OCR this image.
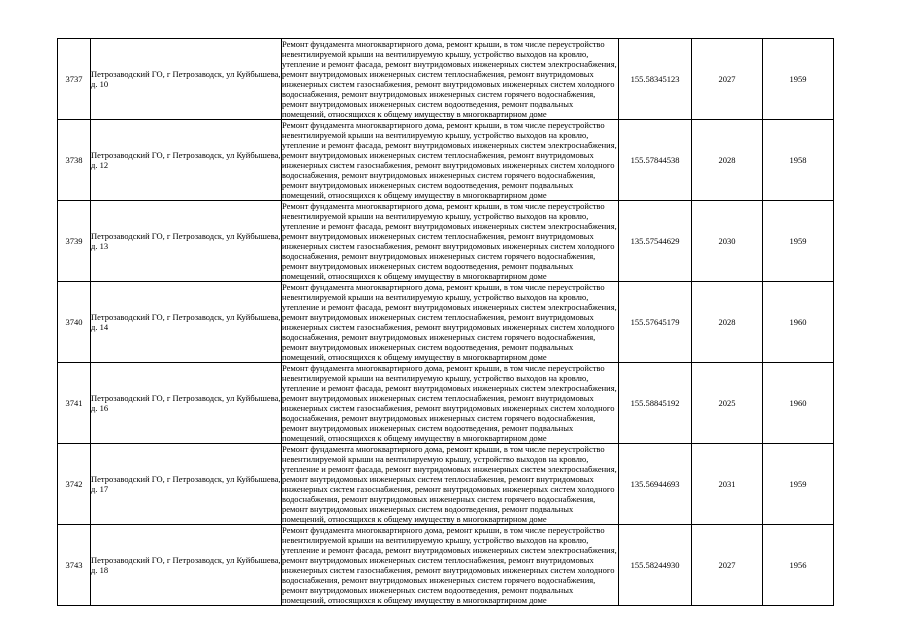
3737	Петрозаводский ГО, г Петрозаводск, ул Куйбышева, д. 10	Ремонт фундамента многоквартирного дома, ремонт крыши, в том числе переустройство невентилируемой крыши на вентилируемую крышу, устройство выходов на кровлю, утепление и ремонт фасада, ремонт внутридомовых инженерных систем электроснабжения, ремонт внутридомовых инженерных систем теплоснабжения, ремонт внутридомовых инженерных систем газоснабжения, ремонт внутридомовых инженерных систем холодного водоснабжения, ремонт внутридомовых инженерных систем горячего водоснабжения, ремонт внутридомовых инженерных систем водоотведения, ремонт подвальных помещений, относящихся к общему имуществу в многоквартирном доме	155.58345123	2027	1959
3738	Петрозаводский ГО, г Петрозаводск, ул Куйбышева, д. 12	Ремонт фундамента многоквартирного дома, ремонт крыши, в том числе переустройство невентилируемой крыши на вентилируемую крышу, устройство выходов на кровлю, утепление и ремонт фасада, ремонт внутридомовых инженерных систем электроснабжения, ремонт внутридомовых инженерных систем теплоснабжения, ремонт внутридомовых инженерных систем газоснабжения, ремонт внутридомовых инженерных систем холодного водоснабжения, ремонт внутридомовых инженерных систем горячего водоснабжения, ремонт внутридомовых инженерных систем водоотведения, ремонт подвальных помещений, относящихся к общему имуществу в многоквартирном доме	155.57844538	2028	1958
3739	Петрозаводский ГО, г Петрозаводск, ул Куйбышева, д. 13	Ремонт фундамента многоквартирного дома, ремонт крыши, в том числе переустройство невентилируемой крыши на вентилируемую крышу, устройство выходов на кровлю, утепление и ремонт фасада, ремонт внутридомовых инженерных систем электроснабжения, ремонт внутридомовых инженерных систем теплоснабжения, ремонт внутридомовых инженерных систем газоснабжения, ремонт внутридомовых инженерных систем холодного водоснабжения, ремонт внутридомовых инженерных систем горячего водоснабжения, ремонт внутридомовых инженерных систем водоотведения, ремонт подвальных помещений, относящихся к общему имуществу в многоквартирном доме	135.57544629	2030	1959
3740	Петрозаводский ГО, г Петрозаводск, ул Куйбышева, д. 14	Ремонт фундамента многоквартирного дома, ремонт крыши, в том числе переустройство невентилируемой крыши на вентилируемую крышу, устройство выходов на кровлю, утепление и ремонт фасада, ремонт внутридомовых инженерных систем электроснабжения, ремонт внутридомовых инженерных систем теплоснабжения, ремонт внутридомовых инженерных систем газоснабжения, ремонт внутридомовых инженерных систем холодного водоснабжения, ремонт внутридомовых инженерных систем горячего водоснабжения, ремонт внутридомовых инженерных систем водоотведения, ремонт подвальных помещений, относящихся к общему имуществу в многоквартирном доме	155.57645179	2028	1960
3741	Петрозаводский ГО, г Петрозаводск, ул Куйбышева, д. 16	Ремонт фундамента многоквартирного дома, ремонт крыши, в том числе переустройство невентилируемой крыши на вентилируемую крышу, устройство выходов на кровлю, утепление и ремонт фасада, ремонт внутридомовых инженерных систем электроснабжения, ремонт внутридомовых инженерных систем теплоснабжения, ремонт внутридомовых инженерных систем газоснабжения, ремонт внутридомовых инженерных систем холодного водоснабжения, ремонт внутридомовых инженерных систем горячего водоснабжения, ремонт внутридомовых инженерных систем водоотведения, ремонт подвальных помещений, относящихся к общему имуществу в многоквартирном доме	155.58845192	2025	1960
3742	Петрозаводский ГО, г Петрозаводск, ул Куйбышева, д. 17	Ремонт фундамента многоквартирного дома, ремонт крыши, в том числе переустройство невентилируемой крыши на вентилируемую крышу, устройство выходов на кровлю, утепление и ремонт фасада, ремонт внутридомовых инженерных систем электроснабжения, ремонт внутридомовых инженерных систем теплоснабжения, ремонт внутридомовых инженерных систем газоснабжения, ремонт внутридомовых инженерных систем холодного водоснабжения, ремонт внутридомовых инженерных систем горячего водоснабжения, ремонт внутридомовых инженерных систем водоотведения, ремонт подвальных помещений, относящихся к общему имуществу в многоквартирном доме	135.56944693	2031	1959
3743	Петрозаводский ГО, г Петрозаводск, ул Куйбышева, д. 18	Ремонт фундамента многоквартирного дома, ремонт крыши, в том числе переустройство невентилируемой крыши на вентилируемую крышу, устройство выходов на кровлю, утепление и ремонт фасада, ремонт внутридомовых инженерных систем электроснабжения, ремонт внутридомовых инженерных систем теплоснабжения, ремонт внутридомовых инженерных систем газоснабжения, ремонт внутридомовых инженерных систем холодного водоснабжения, ремонт внутридомовых инженерных систем горячего водоснабжения, ремонт внутридомовых инженерных систем водоотведения, ремонт подвальных помещений, относящихся к общему имуществу в многоквартирном доме	155.58244930	2027	1956
